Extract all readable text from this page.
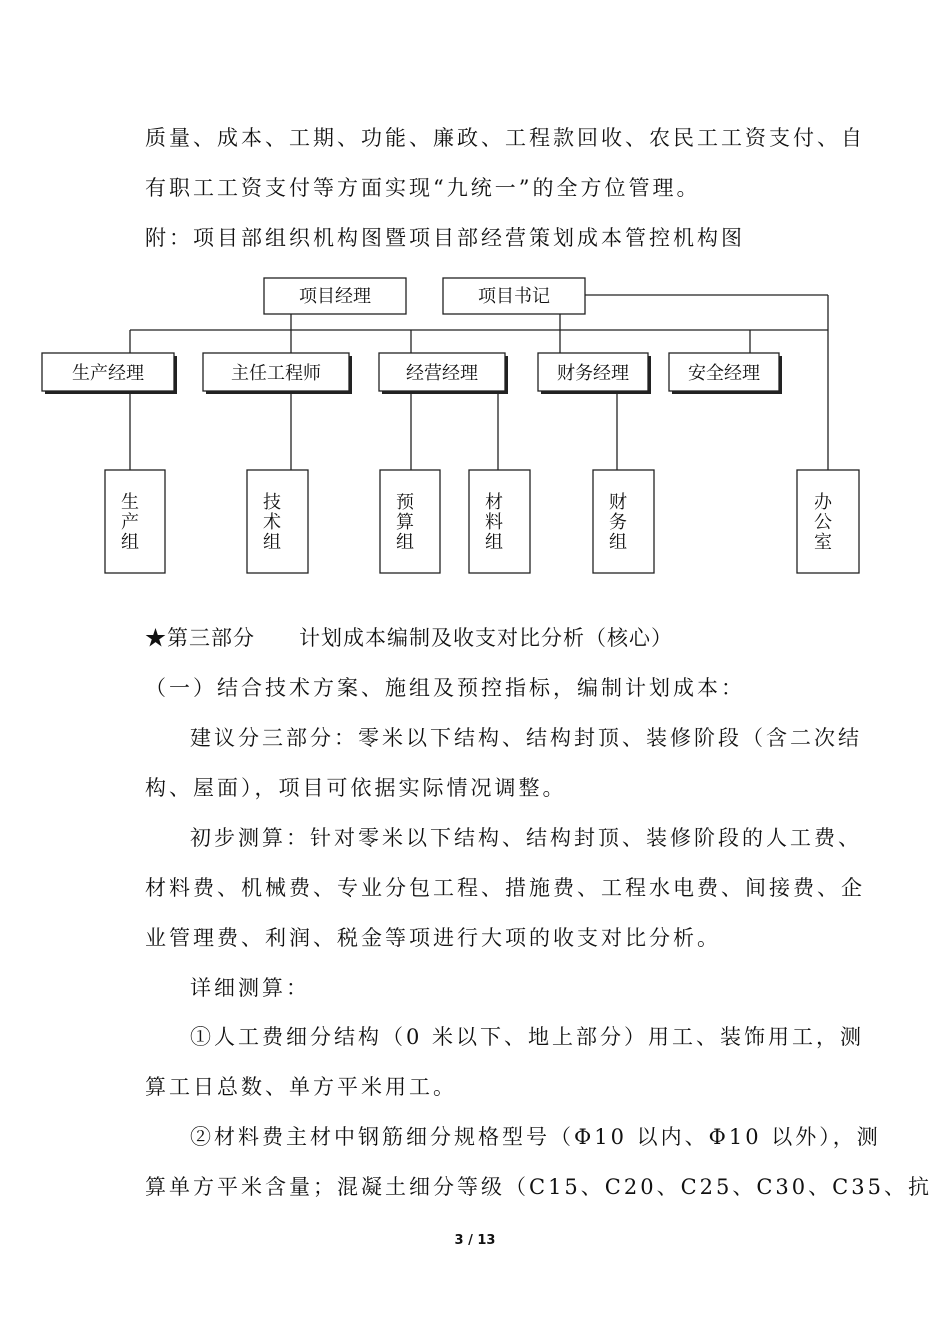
质量、成本、工期、功能、廉政、工程款回收、农民工工资支付、自
有职工工资支付等方面实现“九统一”的全方位管理。
附：项目部组织机构图暨项目部经营策划成本管控机构图
项目经理	项目书记
生产经理	主任工程师	经营经理	财务经理	安全经理
生
产
组
技
术
组
预
算
组
材
料
组
财
务
组
办
公
室
★第三部分　　计划成本编制及收支对比分析（核心）
（一）结合技术方案、施组及预控指标，编制计划成本：
建议分三部分：零米以下结构、结构封顶、装修阶段（含二次结
构、屋面），项目可依据实际情况调整。
初步测算：针对零米以下结构、结构封顶、装修阶段的人工费、
材料费、机械费、专业分包工程、措施费、工程水电费、间接费、企
业管理费、利润、税金等项进行大项的收支对比分析。
详细测算：
①人工费细分结构（0 米以下、地上部分）用工、装饰用工，测
算工日总数、单方平米用工。
②材料费主材中钢筋细分规格型号（Φ10 以内、Φ10 以外），测
算单方平米含量；混凝土细分等级（C15、C20、C25、C30、C35、抗
3 / 13
